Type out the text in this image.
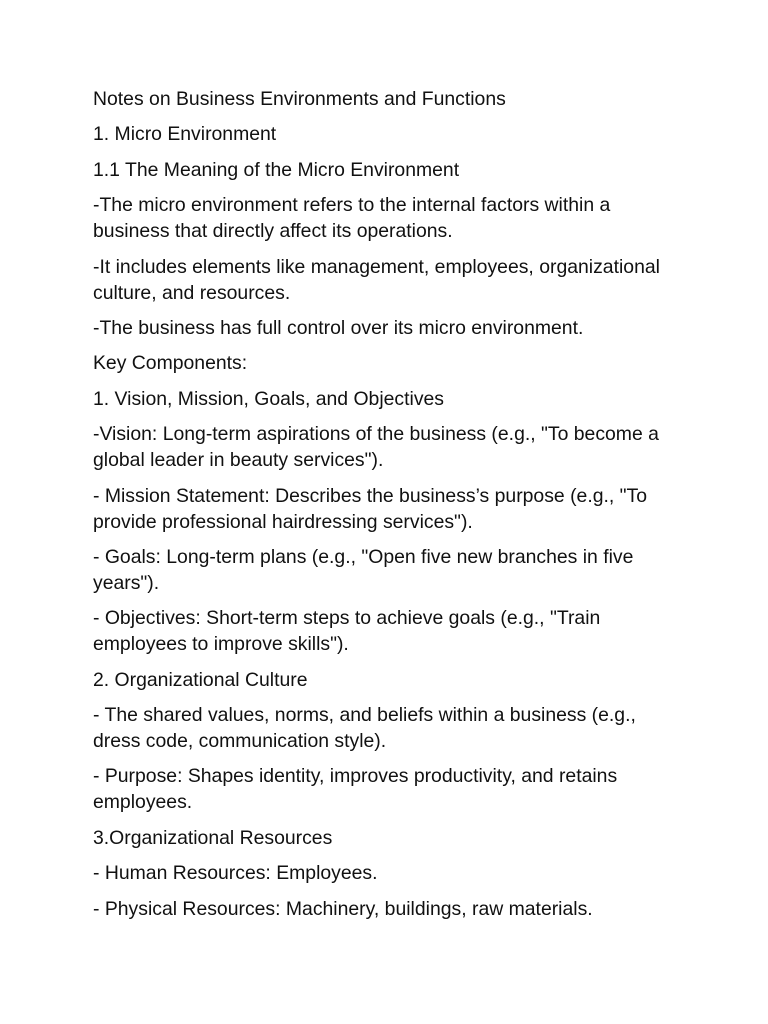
Notes on Business Environments and Functions

1. Micro Environment

1.1 The Meaning of the Micro Environment

-The micro environment refers to the internal factors within a business that directly affect its operations.

-It includes elements like management, employees, organizational culture, and resources.

-The business has full control over its micro environment.

Key Components:

1. Vision, Mission, Goals, and Objectives

-Vision: Long-term aspirations of the business (e.g., "To become a global leader in beauty services").

- Mission Statement: Describes the business’s purpose (e.g., "To provide professional hairdressing services").

- Goals: Long-term plans (e.g., "Open five new branches in five years").

- Objectives: Short-term steps to achieve goals (e.g., "Train employees to improve skills").

2. Organizational Culture

- The shared values, norms, and beliefs within a business (e.g., dress code, communication style).

- Purpose: Shapes identity, improves productivity, and retains employees.

3.Organizational Resources

- Human Resources: Employees.

- Physical Resources: Machinery, buildings, raw materials.
